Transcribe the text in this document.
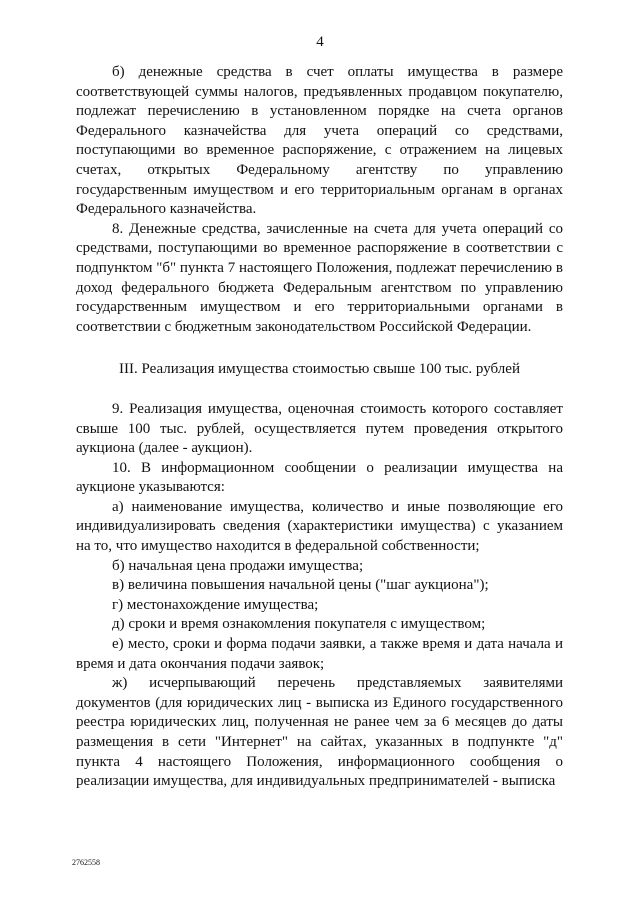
4

б) денежные средства в счет оплаты имущества в размере соответствующей суммы налогов, предъявленных продавцом покупателю, подлежат перечислению в установленном порядке на счета органов Федерального казначейства для учета операций со средствами, поступающими во временное распоряжение, с отражением на лицевых счетах, открытых Федеральному агентству по управлению государственным имуществом и его территориальным органам в органах Федерального казначейства.

8. Денежные средства, зачисленные на счета для учета операций со средствами, поступающими во временное распоряжение в соответствии с подпунктом "б" пункта 7 настоящего Положения, подлежат перечислению в доход федерального бюджета Федеральным агентством по управлению государственным имуществом и его территориальными органами в соответствии с бюджетным законодательством Российской Федерации.

III. Реализация имущества стоимостью свыше 100 тыс. рублей

9. Реализация имущества, оценочная стоимость которого составляет свыше 100 тыс. рублей, осуществляется путем проведения открытого аукциона (далее - аукцион).

10. В информационном сообщении о реализации имущества на аукционе указываются:

а) наименование имущества, количество и иные позволяющие его индивидуализировать сведения (характеристики имущества) с указанием на то, что имущество находится в федеральной собственности;

б) начальная цена продажи имущества;

в) величина повышения начальной цены ("шаг аукциона");

г) местонахождение имущества;

д) сроки и время ознакомления покупателя с имуществом;

е) место, сроки и форма подачи заявки, а также время и дата начала и время и дата окончания подачи заявок;

ж) исчерпывающий перечень представляемых заявителями документов (для юридических лиц - выписка из Единого государственного реестра юридических лиц, полученная не ранее чем за 6 месяцев до даты размещения в сети "Интернет" на сайтах, указанных в подпункте "д" пункта 4 настоящего Положения, информационного сообщения о реализации имущества, для индивидуальных предпринимателей - выписка

2762558
